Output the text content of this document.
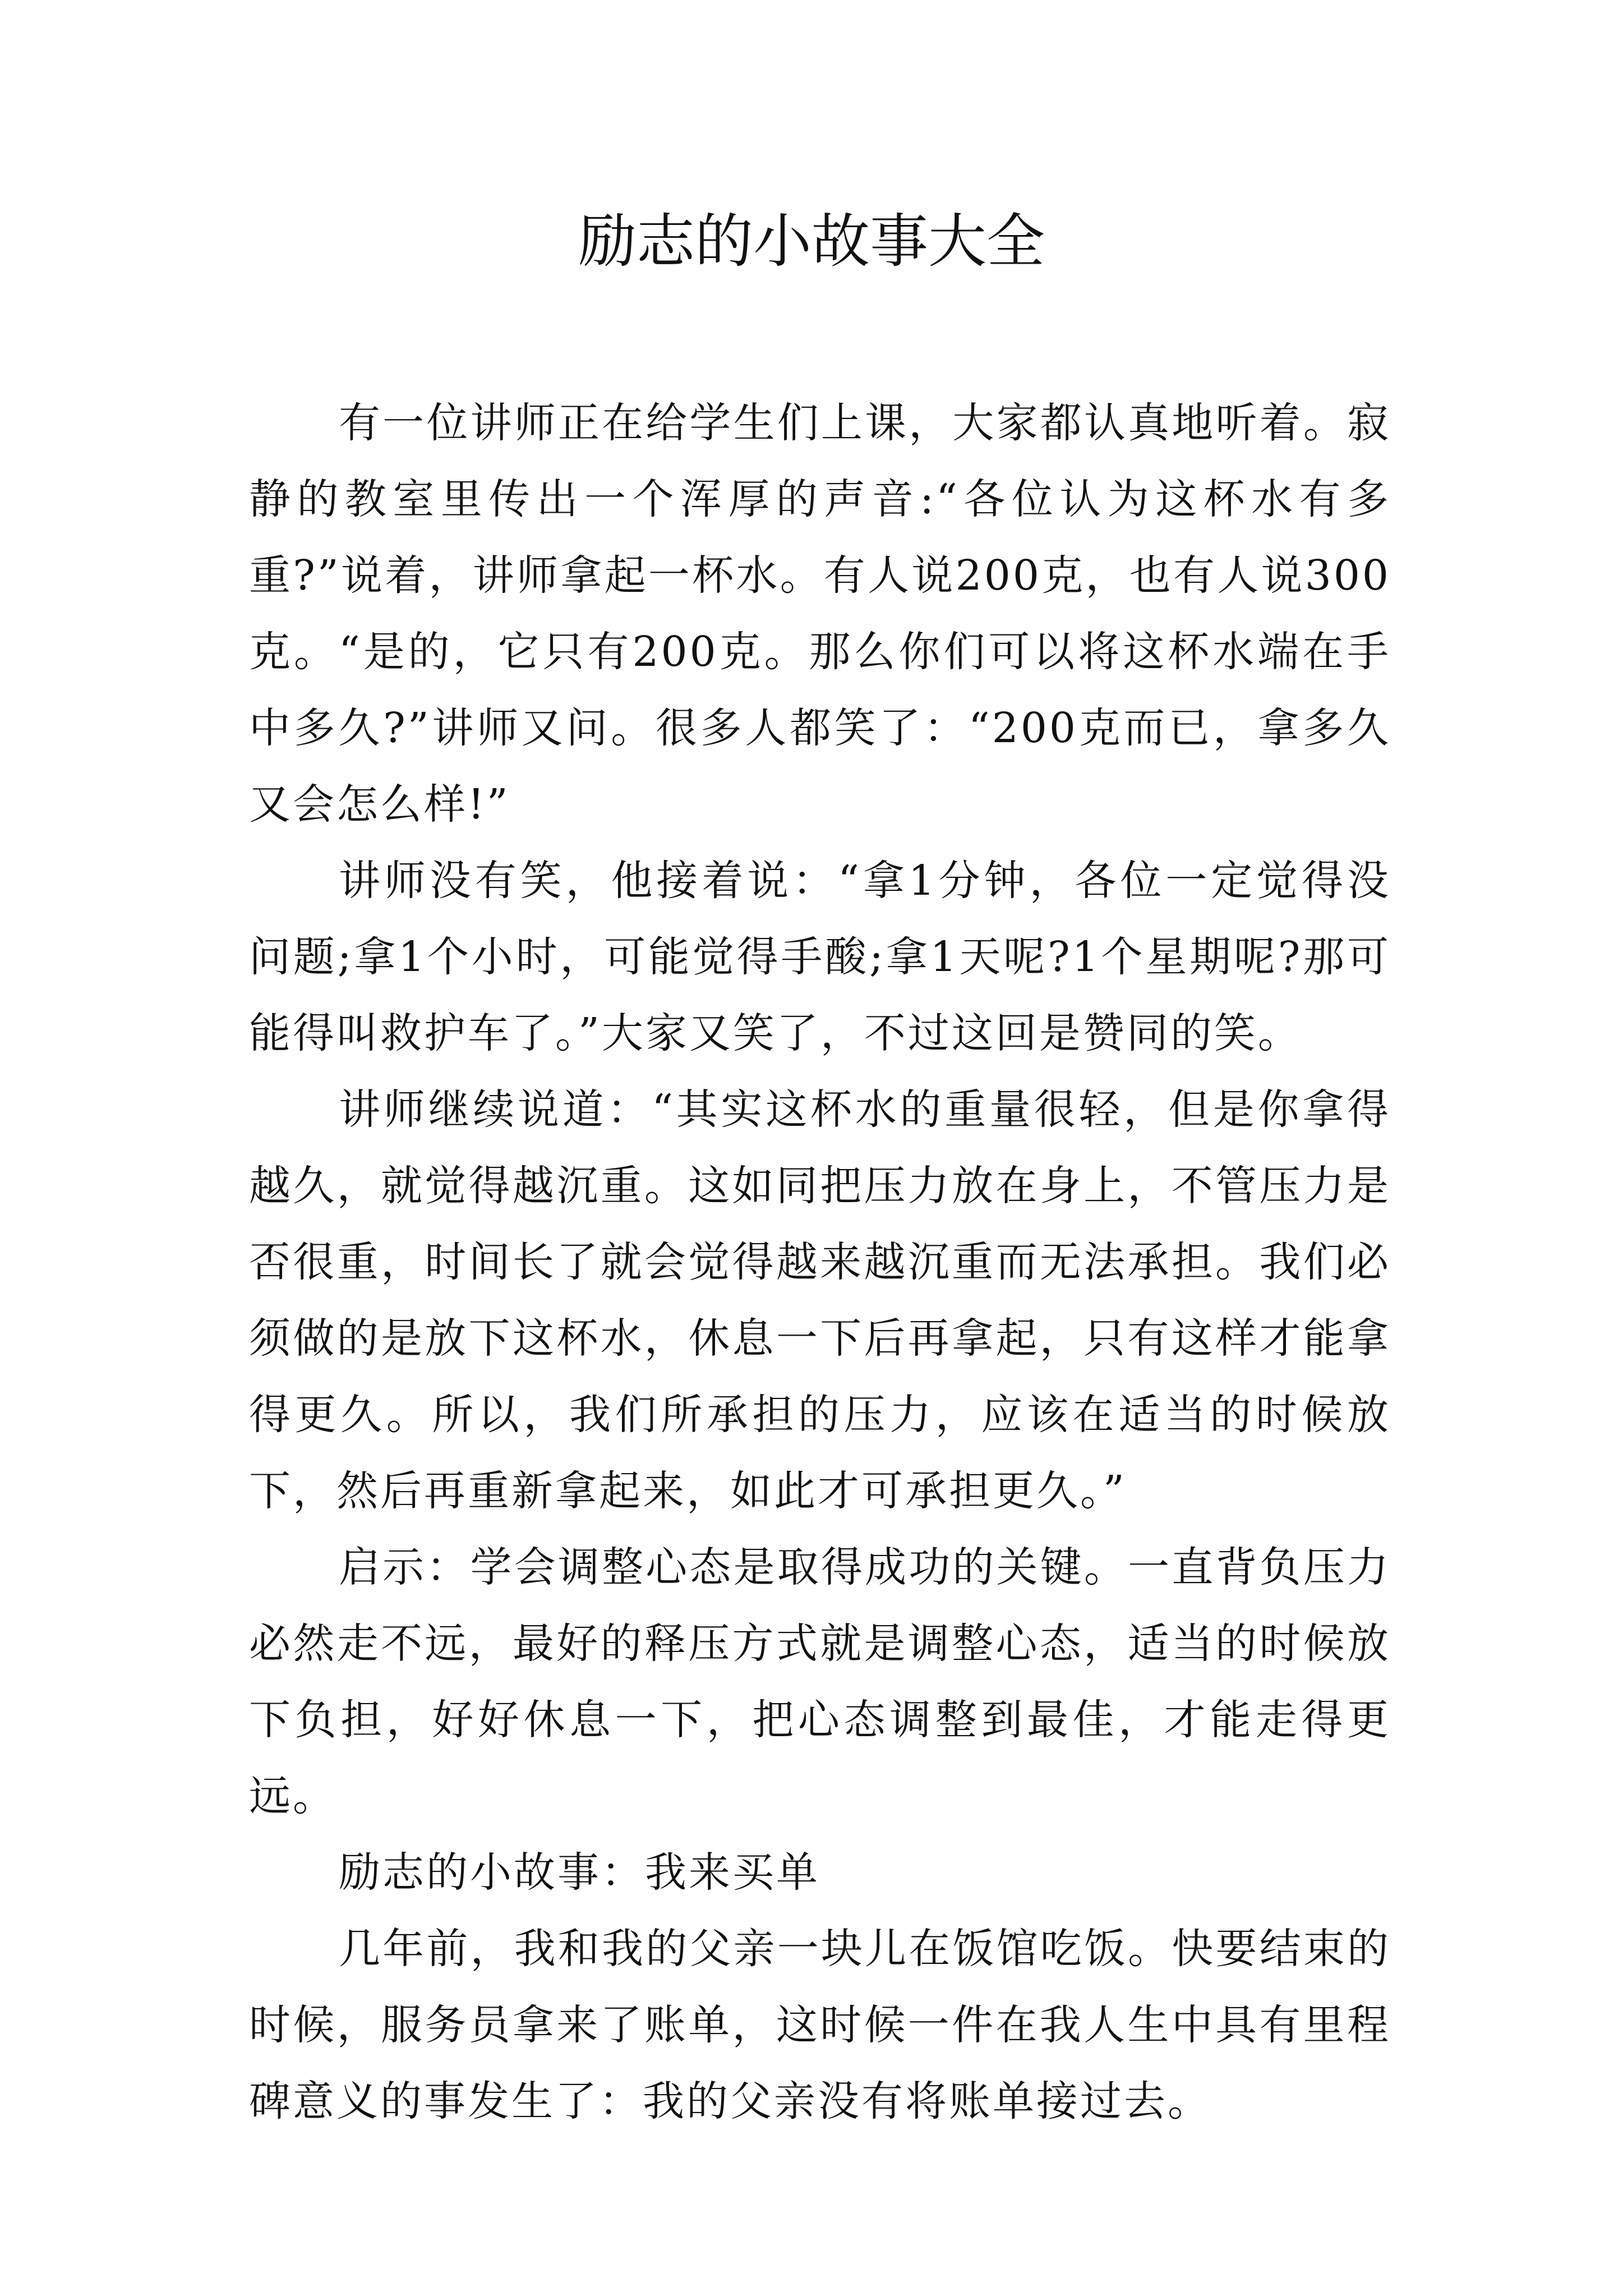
励志的小故事大全

有一位讲师正在给学生们上课，大家都认真地听着。寂静的教室里传出一个浑厚的声音:“各位认为这杯水有多重?”说着，讲师拿起一杯水。有人说200克，也有人说300克。“是的，它只有200克。那么你们可以将这杯水端在手中多久?”讲师又问。很多人都笑了：“200克而已，拿多久又会怎么样!”

讲师没有笑，他接着说：“拿1分钟，各位一定觉得没问题;拿1个小时，可能觉得手酸;拿1天呢?1个星期呢?那可能得叫救护车了。”大家又笑了，不过这回是赞同的笑。

讲师继续说道：“其实这杯水的重量很轻，但是你拿得越久，就觉得越沉重。这如同把压力放在身上，不管压力是否很重，时间长了就会觉得越来越沉重而无法承担。我们必须做的是放下这杯水，休息一下后再拿起，只有这样才能拿得更久。所以，我们所承担的压力，应该在适当的时候放下，然后再重新拿起来，如此才可承担更久。”

启示：学会调整心态是取得成功的关键。一直背负压力必然走不远，最好的释压方式就是调整心态，适当的时候放下负担，好好休息一下，把心态调整到最佳，才能走得更远。

励志的小故事：我来买单

几年前，我和我的父亲一块儿在饭馆吃饭。快要结束的时候，服务员拿来了账单，这时候一件在我人生中具有里程碑意义的事发生了：我的父亲没有将账单接过去。
